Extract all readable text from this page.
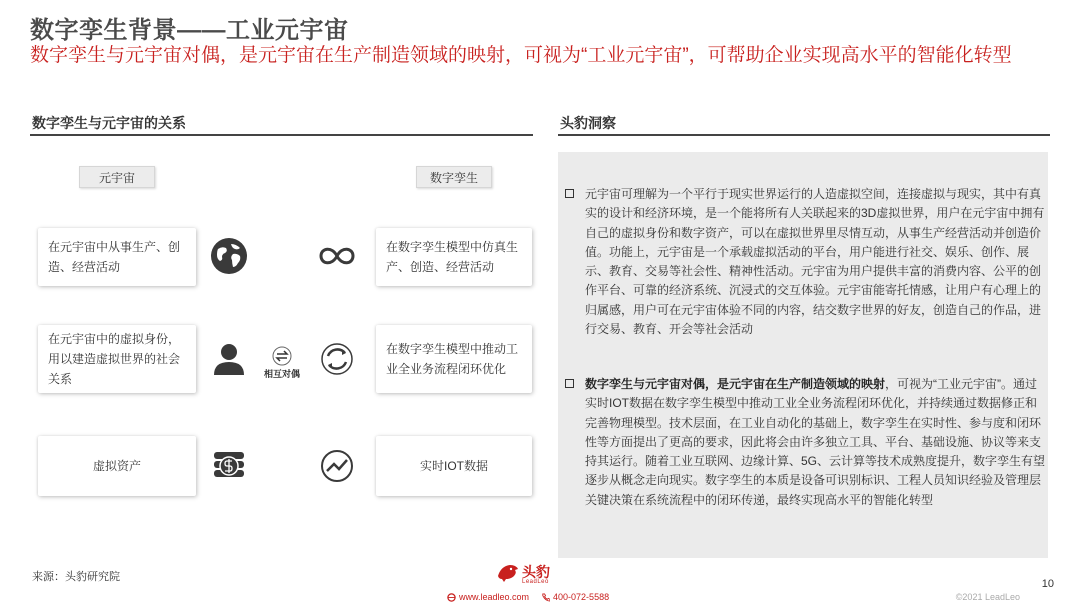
数字孪生背景——工业元宇宙
数字孪生与元宇宙对偶，是元宇宙在生产制造领域的映射，可视为“工业元宇宙”，可帮助企业实现高水平的智能化转型
数字孪生与元宇宙的关系
元宇宙	数字孪生
在元宇宙中从事生产、创造、经营活动
在数字孪生模型中仿真生产、创造、经营活动
在元宇宙中的虚拟身份，用以建造虚拟世界的社会关系	相互对偶
在数字孪生模型中推动工业全业务流程闭环优化
虚拟资产	实时IOT数据
头豹洞察
元宇宙可理解为一个平行于现实世界运行的人造虚拟空间，连接虚拟与现实，其中有真实的设计和经济环境，是一个能将所有人关联起来的3D虚拟世界，用户在元宇宙中拥有自己的虚拟身份和数字资产，可以在虚拟世界里尽情互动，从事生产经营活动并创造价值。功能上，元宇宙是一个承载虚拟活动的平台，用户能进行社交、娱乐、创作、展示、教育、交易等社会性、精神性活动。元宇宙为用户提供丰富的消费内容、公平的创作平台、可靠的经济系统、沉浸式的交互体验。元宇宙能寄托情感，让用户有心理上的归属感，用户可在元宇宙体验不同的内容，结交数字世界的好友，创造自己的作品，进行交易、教育、开会等社会活动
数字孪生与元宇宙对偶，是元宇宙在生产制造领域的映射，可视为“工业元宇宙”。通过实时IOT数据在数字孪生模型中推动工业全业务流程闭环优化，并持续通过数据修正和完善物理模型。技术层面，在工业自动化的基础上，数字孪生在实时性、参与度和闭环性等方面提出了更高的要求，因此将会由许多独立工具、平台、基础设施、协议等来支持其运行。随着工业互联网、边缘计算、5G、云计算等技术成熟度提升，数字孪生有望逐步从概念走向现实。数字孪生的本质是设备可识别标识、工程人员知识经验及管理层关键决策在系统流程中的闭环传递，最终实现高水平的智能化转型
来源：头豹研究院	头豹
LeadLeo
www.leadleo.com	400-072-5588
10
©2021 LeadLeo
